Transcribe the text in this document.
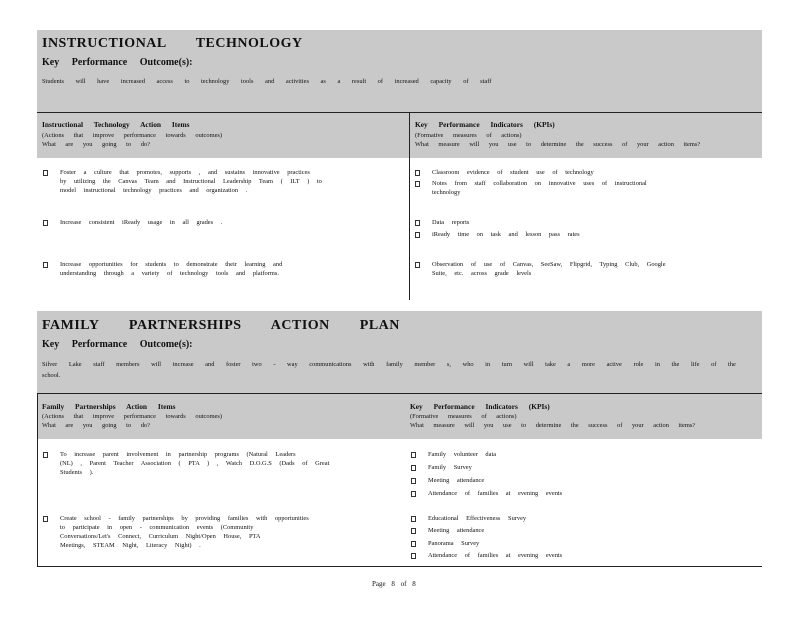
INSTRUCTIONAL TECHNOLOGY
Key Performance Outcome(s):
Students will have increased access to technology tools and activities as a result of increased capacity of staff
Instructional Technology Action Items
(Actions that improve performance towards outcomes)
What are you going to do?
Key Performance Indicators (KPIs)
(Formative measures of actions)
What measure will you use to determine the success of your action items?
Foster a culture that promotes, supports , and sustains innovative practices
by utilizing the Canvas Team and Instructional Leadership Team ( ILT ) to
model instructional technology practices and organization .
Increase consistent iReady usage in all grades .
Increase opportunities for students to demonstrate their learning and
understanding through a variety of technology tools and platforms.
Classroom evidence of student use of technology
Notes from staff collaboration on innovative uses of instructional
technology
Data reports
iReady time on task and lesson pass rates
Observation of use of Canvas, SeeSaw, Flipgrid, Typing Club, Google
Suite, etc. across grade levels
FAMILY PARTNERSHIPS ACTION PLAN
Key Performance Outcome(s):
Silver Lake staff members will increase and foster two - way communications with family member s, who in turn will take a more active role in the life of the
school.
Family Partnerships Action Items
(Actions that improve performance towards outcomes)
What are you going to do?
Key Performance Indicators (KPIs)
(Formative measures of actions)
What measure will you use to determine the success of your action items?
To increase parent involvement in partnership programs (Natural Leaders
(NL) , Parent Teacher Association ( PTA ) , Watch D.O.G.S (Dads of Great
Students ).
Create school - family partnerships by providing families with opportunities
to participate in open - communication events (Community
Conversations/Let's Connect, Curriculum Night/Open House, PTA
Meetings, STEAM Night, Literacy Night) .
Family volunteer data
Family Survey
Meeting attendance
Attendance of families at evening events
Educational Effectiveness Survey
Meeting attendance
Panorama Survey
Attendance of families at evening events
Page 8 of 8
